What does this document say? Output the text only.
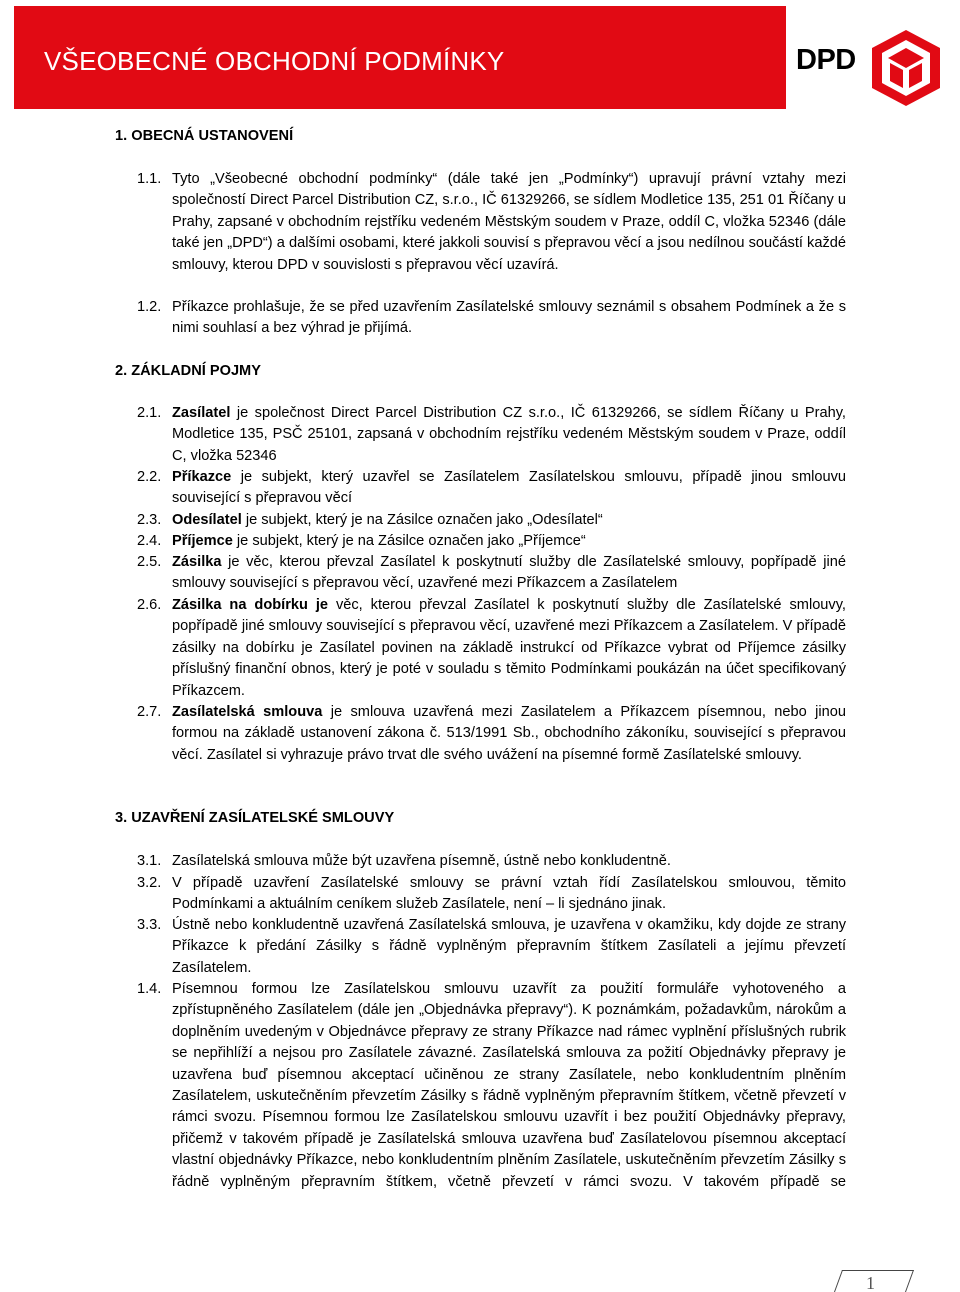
VŠEOBECNÉ OBCHODNÍ PODMÍNKY	DPD
1. OBECNÁ USTANOVENÍ
1.1. Tyto „Všeobecné obchodní podmínky“ (dále také jen „Podmínky“) upravují právní vztahy mezi společností Direct Parcel Distribution CZ, s.r.o., IČ 61329266, se sídlem Modletice 135, 251 01 Říčany u Prahy, zapsané v obchodním rejstříku vedeném Městským soudem v Praze, oddíl C, vložka 52346 (dále také jen „DPD“) a dalšími osobami, které jakkoli souvisí s přepravou věcí a jsou nedílnou součástí každé smlouvy, kterou DPD v souvislosti s přepravou věcí uzavírá.
1.2. Příkazce prohlašuje, že se před uzavřením Zasílatelské smlouvy seznámil s obsahem Podmínek a že s nimi souhlasí a bez výhrad je přijímá.
2. ZÁKLADNÍ POJMY
2.1. Zasílatel je společnost Direct Parcel Distribution CZ s.r.o., IČ 61329266, se sídlem Říčany u Prahy, Modletice 135, PSČ 25101, zapsaná v obchodním rejstříku vedeném Městským soudem v Praze, oddíl C, vložka 52346
2.2. Příkazce je subjekt, který uzavřel se Zasílatelem Zasílatelskou smlouvu, případě jinou smlouvu související s přepravou věcí
2.3. Odesílatel je subjekt, který je na Zásilce označen jako „Odesílatel“
2.4. Příjemce je subjekt, který je na Zásilce označen jako „Příjemce“
2.5. Zásilka je věc, kterou převzal Zasílatel k poskytnutí služby dle Zasílatelské smlouvy, popřípadě jiné smlouvy související s přepravou věcí, uzavřené mezi Příkazcem a Zasílatelem
2.6. Zásilka na dobírku je věc, kterou převzal Zasílatel k poskytnutí služby dle Zasílatelské smlouvy, popřípadě jiné smlouvy související s přepravou věcí, uzavřené mezi Příkazcem a Zasílatelem. V případě zásilky na dobírku je Zasílatel povinen na základě instrukcí od Příkazce vybrat od Příjemce zásilky příslušný finanční obnos, který je poté v souladu s těmito Podmínkami poukázán na účet specifikovaný Příkazcem.
2.7. Zasílatelská smlouva je smlouva uzavřená mezi Zasilatelem a Příkazcem písemnou, nebo jinou formou na základě ustanovení zákona č. 513/1991 Sb., obchodního zákoníku, související s přepravou věcí. Zasílatel si vyhrazuje právo trvat dle svého uvážení na písemné formě Zasílatelské smlouvy.
3. UZAVŘENÍ ZASÍLATELSKÉ SMLOUVY
3.1. Zasílatelská smlouva může být uzavřena písemně, ústně nebo konkludentně.
3.2. V případě uzavření Zasílatelské smlouvy se právní vztah řídí Zasílatelskou smlouvou, těmito Podmínkami a aktuálním ceníkem služeb Zasílatele, není – li sjednáno jinak.
3.3. Ústně nebo konkludentně uzavřená Zasílatelská smlouva, je uzavřena v okamžiku, kdy dojde ze strany Příkazce k předání Zásilky s řádně vyplněným přepravním štítkem Zasílateli a jejímu převzetí Zasílatelem.
1.4. Písemnou formou lze Zasílatelskou smlouvu uzavřít za použití formuláře vyhotoveného a zpřístupněného Zasílatelem (dále jen „Objednávka přepravy“). K poznámkám, požadavkům, nárokům a doplněním uvedeným v Objednávce přepravy ze strany Příkazce nad rámec vyplnění příslušných rubrik se nepřihlíží a nejsou pro Zasílatele závazné. Zasílatelská smlouva za požití Objednávky přepravy je uzavřena buď písemnou akceptací učiněnou ze strany Zasílatele, nebo konkludentním plněním Zasílatelem, uskutečněním převzetím Zásilky s řádně vyplněným přepravním štítkem, včetně převzetí v rámci svozu. Písemnou formou lze Zasílatelskou smlouvu uzavřít i bez použití Objednávky přepravy, přičemž v takovém případě je Zasílatelská smlouva uzavřena buď Zasílatelovou písemnou akceptací vlastní objednávky Příkazce, nebo konkludentním plněním Zasílatele, uskutečněním převzetím Zásilky s řádně vyplněným přepravním štítkem, včetně převzetí v rámci svozu. V takovém případě se
1
